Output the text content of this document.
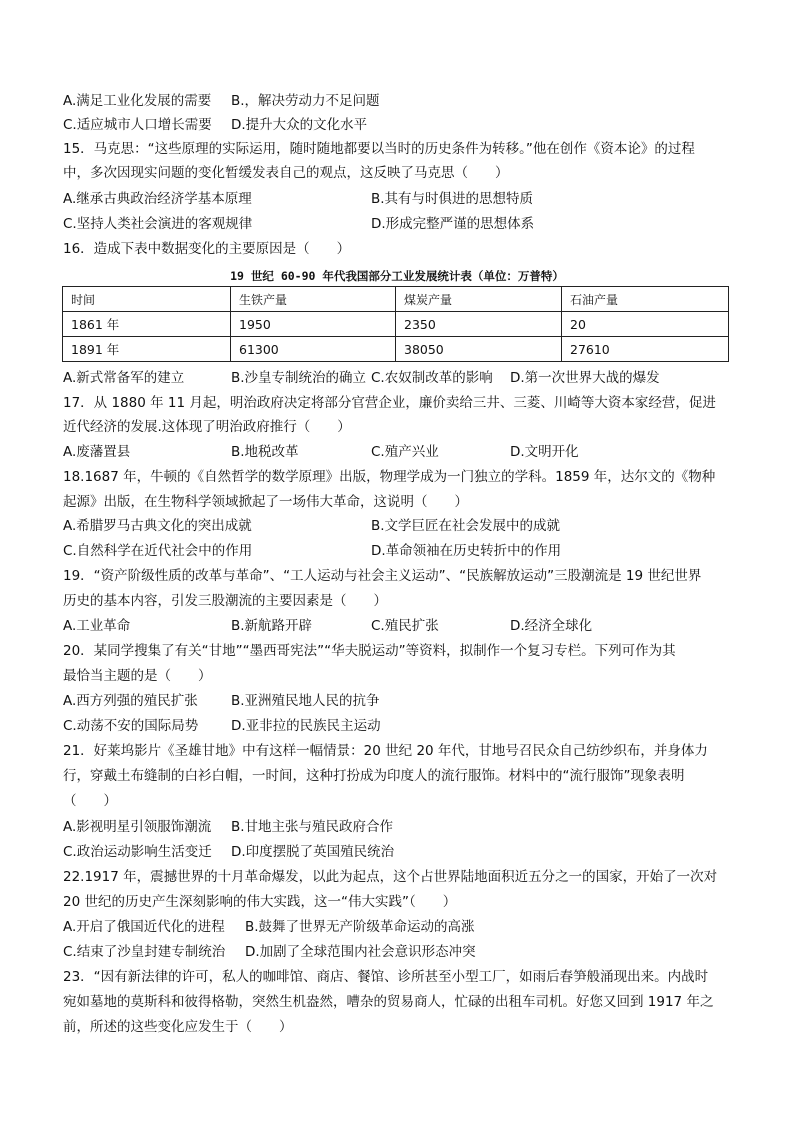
A.满足工业化发展的需要 B.，解决劳动力不足问题
C.适应城市人口增长需要 D.提升大众的文化水平
15．马克思：“这些原理的实际运用，随时随地都要以当时的历史条件为转移。”他在创作《资本论》的过程
中，多次因现实问题的变化暂缓发表自己的观点，这反映了马克思（　　）
A.继承古典政治经济学基本原理	B.其有与时俱进的思想特质
C.坚持人类社会演进的客观规律	D.形成完整严谨的思想体系
16．造成下表中数据变化的主要原因是（　　）
19 世纪 60-90 年代我国部分工业发展统计表（单位：万普特）
时间	生铁产量	煤炭产量	石油产量
1861 年	1950	2350	20
1891 年	61300	38050	27610
A.新式常备军的建立	B.沙皇专制统治的确立 C.农奴制改革的影响 D.第一次世界大战的爆发
17．从 1880 年 11 月起，明治政府决定将部分官营企业，廉价卖给三井、三菱、川崎等大资本家经营，促进
近代经济的发展.这体现了明治政府推行（　　）
A.废藩置县	B.地税改革	C.殖产兴业	D.文明开化
18.1687 年，牛顿的《自然哲学的数学原理》出版，物理学成为一门独立的学科。1859 年，达尔文的《物种
起源》出版，在生物科学领域掀起了一场伟大革命，这说明（　　）
A.希腊罗马古典文化的突出成就	B.文学巨匠在社会发展中的成就
C.自然科学在近代社会中的作用	D.革命领袖在历史转折中的作用
19．“资产阶级性质的改革与革命”、“工人运动与社会主义运动”、“民族解放运动”三股潮流是 19 世纪世界
历史的基本内容，引发三股潮流的主要因素是（　　）
A.工业革命	B.新航路开辟	C.殖民扩张	D.经济全球化
20．某同学搜集了有关“甘地”“墨西哥宪法”“华夫脱运动”等资料，拟制作一个复习专栏。下列可作为其
最恰当主题的是（　　）
A.西方列强的殖民扩张 B.亚洲殖民地人民的抗争
C.动荡不安的国际局势 D.亚非拉的民族民主运动
21．好莱坞影片《圣雄甘地》中有这样一幅情景：20 世纪 20 年代，甘地号召民众自己纺纱织布，并身体力
行，穿戴土布缝制的白衫白帽，一时间，这种打扮成为印度人的流行服饰。材料中的“流行服饰”现象表明
（　　）
A.影视明星引领服饰潮流 B.甘地主张与殖民政府合作
C.政治运动影响生活变迁 D.印度摆脱了英国殖民统治
22.1917 年，震撼世界的十月革命爆发，以此为起点，这个占世界陆地面积近五分之一的国家，开始了一次对
20 世纪的历史产生深刻影响的伟大实践，这一“伟大实践”（　　）
A.开启了俄国近代化的进程 B.鼓舞了世界无产阶级革命运动的高涨
C.结束了沙皇封建专制统治 D.加剧了全球范围内社会意识形态冲突
23．“因有新法律的许可，私人的咖啡馆、商店、餐馆、诊所甚至小型工厂，如雨后春笋般涌现出来。内战时
宛如墓地的莫斯科和彼得格勒，突然生机盎然，嘈杂的贸易商人，忙碌的出租车司机。好您又回到 1917 年之
前，所述的这些变化应发生于（　　）
